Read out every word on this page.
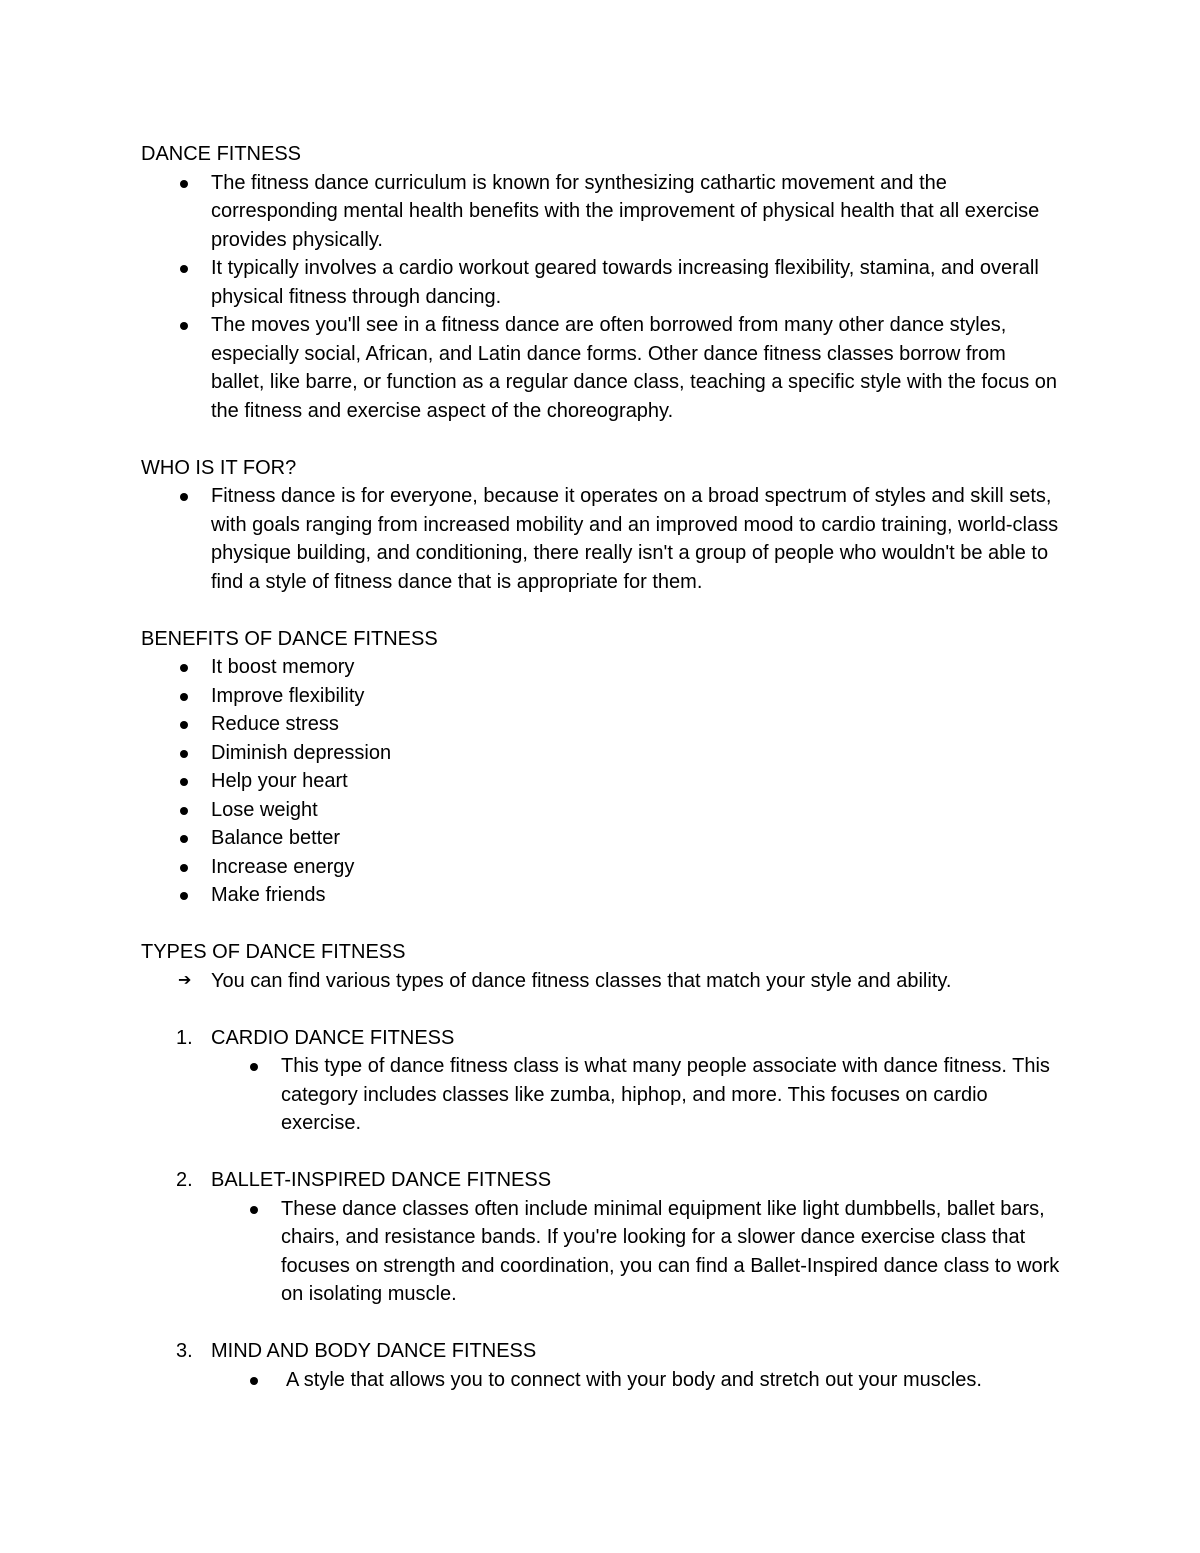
DANCE FITNESS

The fitness dance curriculum is known for synthesizing cathartic movement and the corresponding mental health benefits with the improvement of physical health that all exercise provides physically.
It typically involves a cardio workout geared towards increasing flexibility, stamina, and overall physical fitness through dancing.
The moves you'll see in a fitness dance are often borrowed from many other dance styles, especially social, African, and Latin dance forms. Other dance fitness classes borrow from ballet, like barre, or function as a regular dance class, teaching a specific style with the focus on the fitness and exercise aspect of the choreography.

WHO IS IT FOR?

Fitness dance is for everyone, because it operates on a broad spectrum of styles and skill sets, with goals ranging from increased mobility and an improved mood to cardio training, world-class physique building, and conditioning, there really isn't a group of people who wouldn't be able to find a style of fitness dance that is appropriate for them.

BENEFITS OF DANCE FITNESS

It boost memory
Improve flexibility
Reduce stress
Diminish depression
Help your heart
Lose weight
Balance better
Increase energy
Make friends

TYPES OF DANCE FITNESS

➔ You can find various types of dance fitness classes that match your style and ability.
1. CARDIO DANCE FITNESS
This type of dance fitness class is what many people associate with dance fitness. This category includes classes like zumba, hiphop, and more. This focuses on cardio exercise.
2. BALLET-INSPIRED DANCE FITNESS
These dance classes often include minimal equipment like light dumbbells, ballet bars, chairs, and resistance bands. If you're looking for a slower dance exercise class that focuses on strength and coordination, you can find a Ballet-Inspired dance class to work on isolating muscle.
3. MIND AND BODY DANCE FITNESS
A style that allows you to connect with your body and stretch out your muscles.
